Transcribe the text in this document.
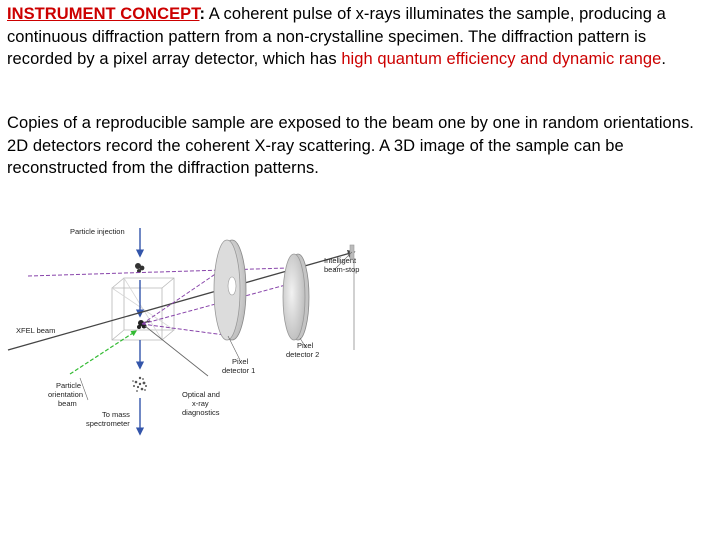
INSTRUMENT CONCEPT: A coherent pulse of x-rays illuminates the sample, producing a continuous diffraction pattern from a non-crystalline specimen. The diffraction pattern is recorded by a pixel array detector, which has high quantum efficiency and dynamic range.
Copies of a reproducible sample are exposed to the beam one by one in random orientations. 2D detectors record the coherent X-ray scattering. A 3D image of the sample can be reconstructed from the diffraction patterns.
Particle injection
Intelligent
beam-stop
XFEL beam
Pixel
detector 2
Pixel
detector 1
Particle
orientation
beam
Optical and
x-ray
diagnostics
To mass
spectrometer
